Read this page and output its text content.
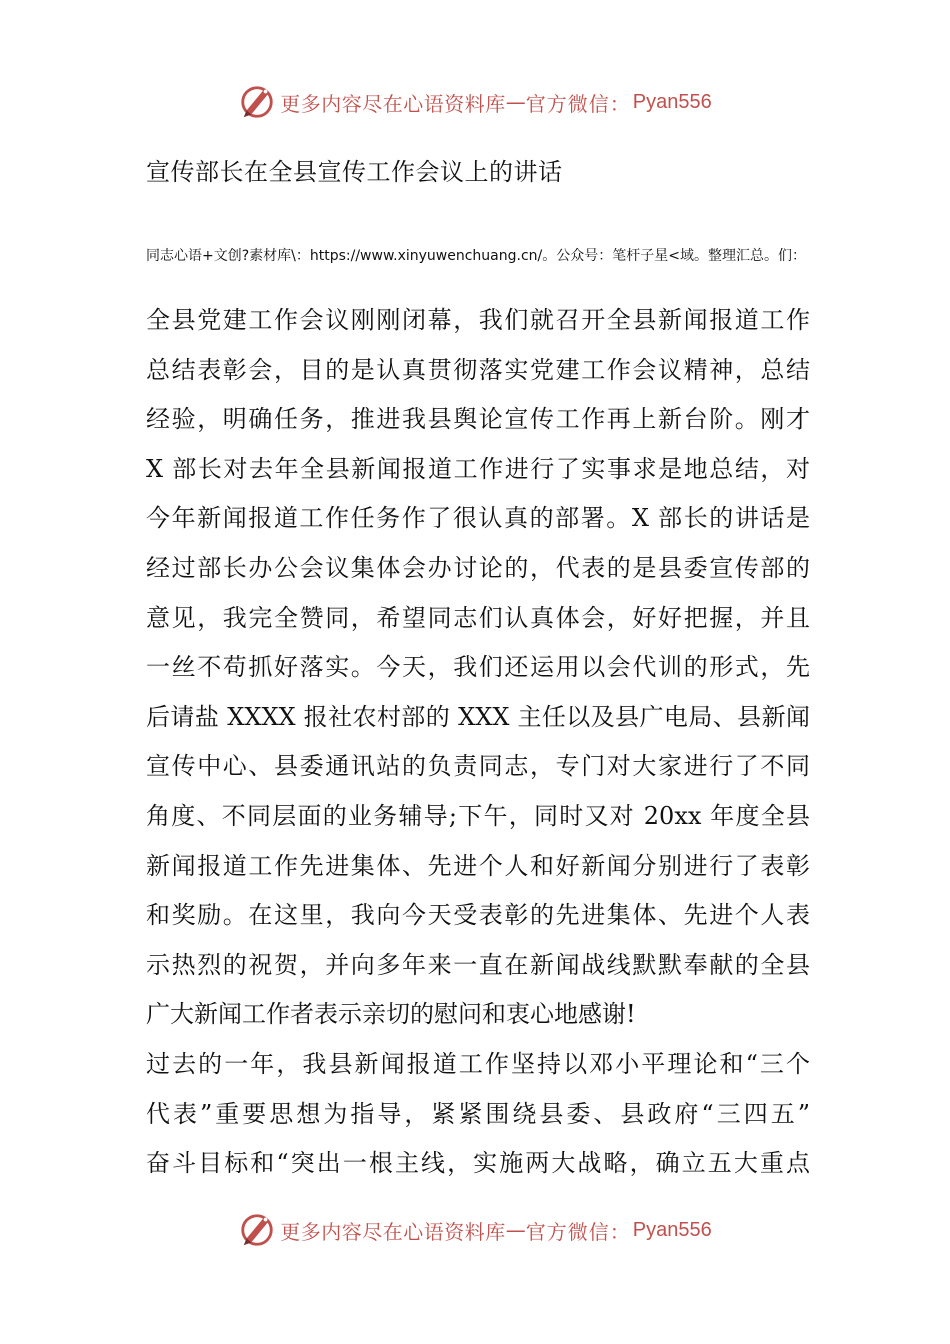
更多内容尽在心语资料库 — 官方微信： Pyan556
宣传部长在全县宣传工作会议上的讲话
同志心语+文创?素材库\：https://www.xinyuwenchuang.cn/。公众号：笔杆子星<域。整理汇总。们：
全县党建工作会议刚刚闭幕，我们就召开全县新闻报道工作
总结表彰会，目的是认真贯彻落实党建工作会议精神，总结
经验，明确任务，推进我县舆论宣传工作再上新台阶。刚才
X 部长对去年全县新闻报道工作进行了实事求是地总结，对
今年新闻报道工作任务作了很认真的部署。X 部长的讲话是
经过部长办公会议集体会办讨论的，代表的是县委宣传部的
意见，我完全赞同，希望同志们认真体会，好好把握，并且
一丝不苟抓好落实。今天，我们还运用以会代训的形式，先
后请盐 XXXX 报社农村部的 XXX 主任以及县广电局、县新闻
宣传中心、县委通讯站的负责同志，专门对大家进行了不同
角度、不同层面的业务辅导;下午，同时又对 20xx 年度全县
新闻报道工作先进集体、先进个人和好新闻分别进行了表彰
和奖励。在这里，我向今天受表彰的先进集体、先进个人表
示热烈的祝贺，并向多年来一直在新闻战线默默奉献的全县
广大新闻工作者表示亲切的慰问和衷心地感谢!
过去的一年，我县新闻报道工作坚持以邓小平理论和“三个
代表”重要思想为指导，紧紧围绕县委、县政府“三四五”
奋斗目标和“突出一根主线，实施两大战略，确立五大重点
更多内容尽在心语资料库 — 官方微信： Pyan556
